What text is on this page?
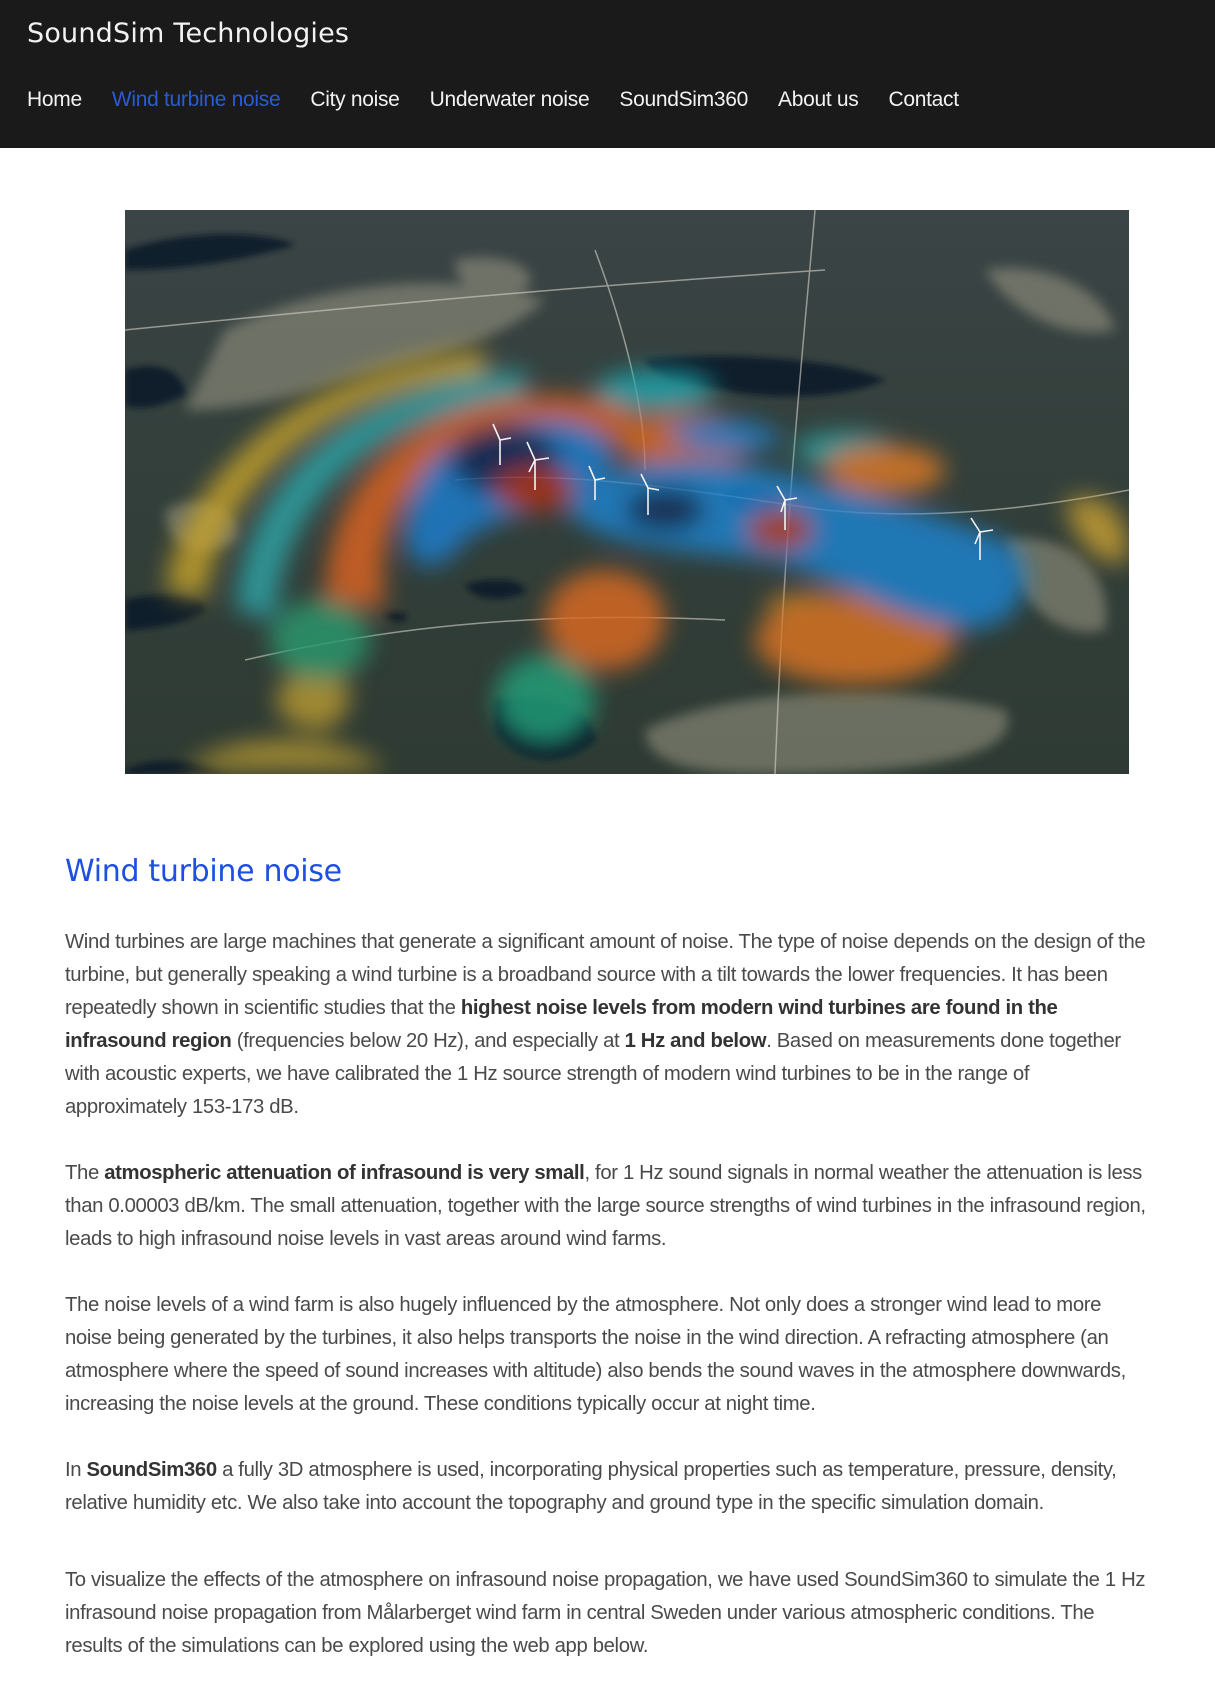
SoundSim Technologies
Home Wind turbine noise City noise Underwater noise SoundSim360 About us Contact
Wind turbine noise

Wind turbines are large machines that generate a significant amount of noise. The type of noise depends on the design of the turbine, but generally speaking a wind turbine is a broadband source with a tilt towards the lower frequencies. It has been repeatedly shown in scientific studies that the highest noise levels from modern wind turbines are found in the infrasound region (frequencies below 20 Hz), and especially at 1 Hz and below. Based on measurements done together with acoustic experts, we have calibrated the 1 Hz source strength of modern wind turbines to be in the range of approximately 153-173 dB.

The atmospheric attenuation of infrasound is very small, for 1 Hz sound signals in normal weather the attenuation is less than 0.00003 dB/km. The small attenuation, together with the large source strengths of wind turbines in the infrasound region, leads to high infrasound noise levels in vast areas around wind farms.

The noise levels of a wind farm is also hugely influenced by the atmosphere. Not only does a stronger wind lead to more noise being generated by the turbines, it also helps transports the noise in the wind direction. A refracting atmosphere (an atmosphere where the speed of sound increases with altitude) also bends the sound waves in the atmosphere downwards, increasing the noise levels at the ground. These conditions typically occur at night time.

In SoundSim360 a fully 3D atmosphere is used, incorporating physical properties such as temperature, pressure, density, relative humidity etc. We also take into account the topography and ground type in the specific simulation domain.

To visualize the effects of the atmosphere on infrasound noise propagation, we have used SoundSim360 to simulate the 1 Hz infrasound noise propagation from Målarberget wind farm in central Sweden under various atmospheric conditions. The results of the simulations can be explored using the web app below.
